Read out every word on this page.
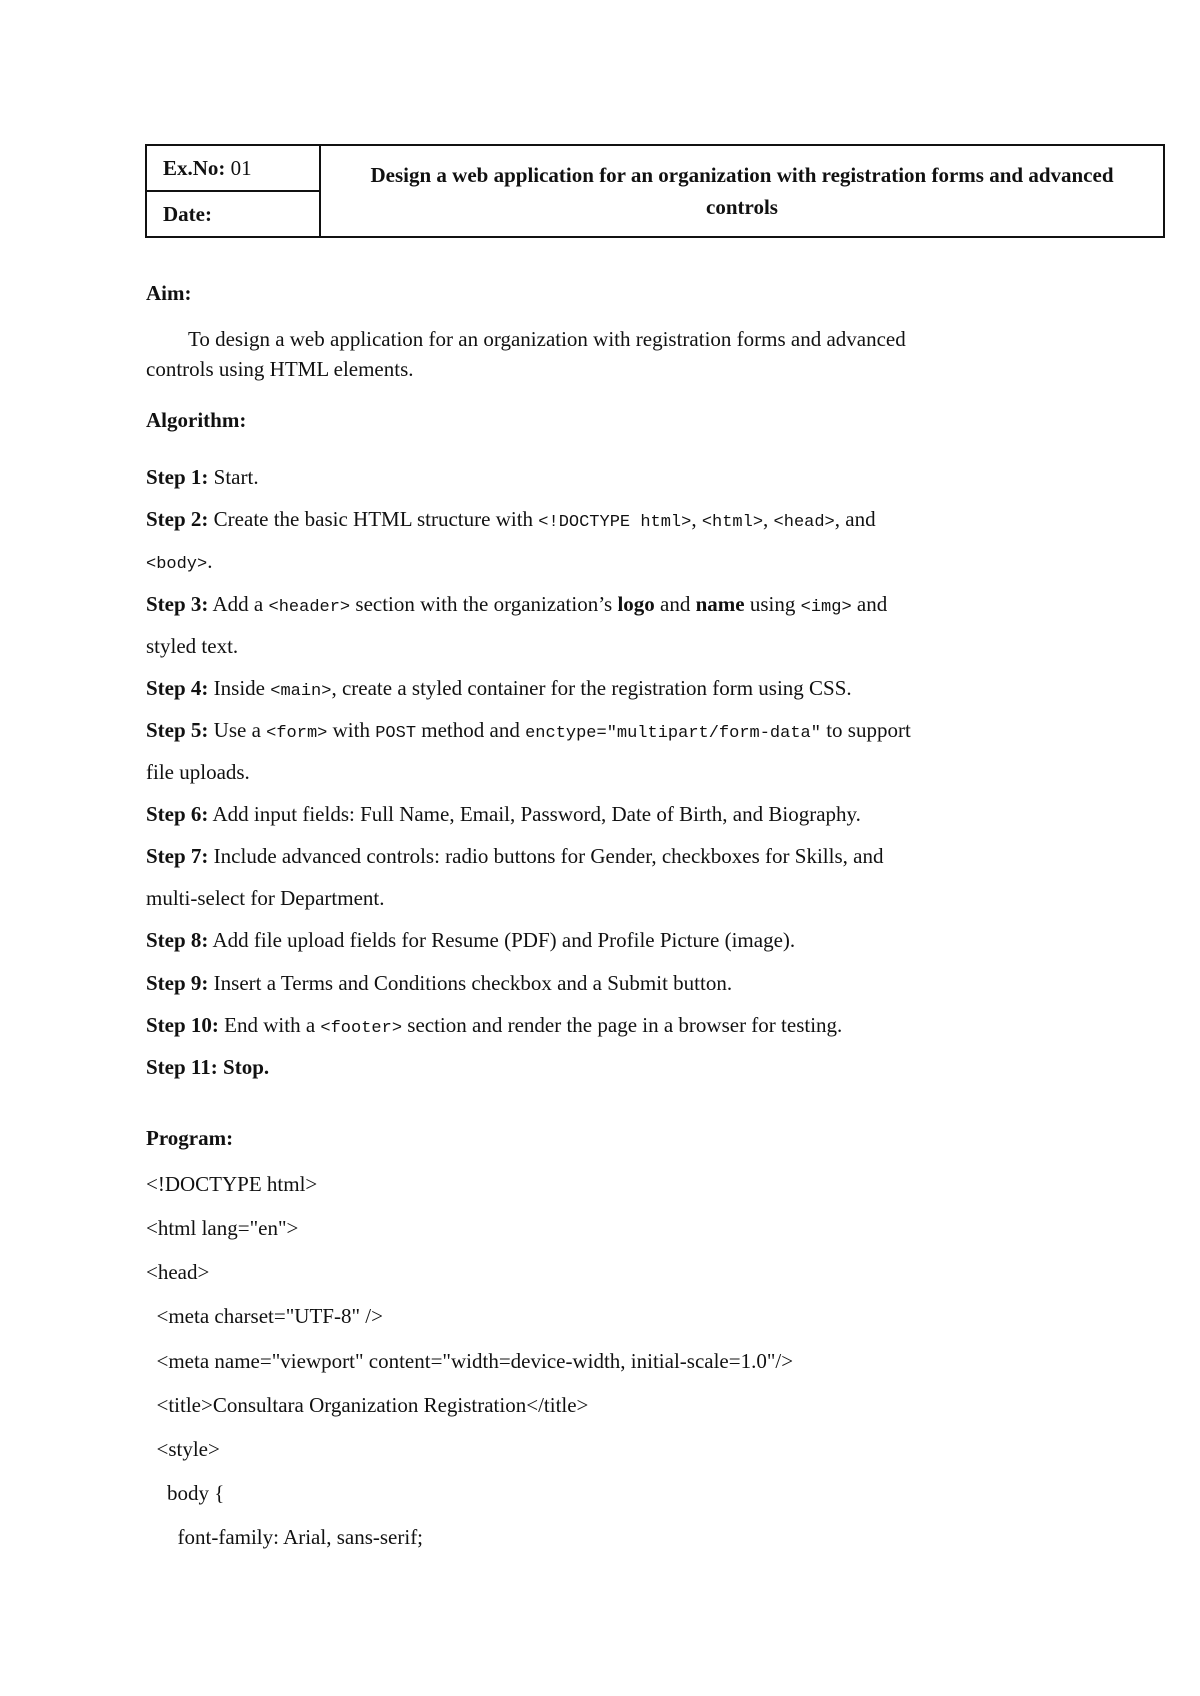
Ex.No: 01	Design a web application for an organization with registration forms and advanced controls
Date:
Aim:
To design a web application for an organization with registration forms and advanced
controls using HTML elements.
Algorithm:
Step 1: Start.
Step 2: Create the basic HTML structure with <!DOCTYPE html>, <html>, <head>, and
<body>.
Step 3: Add a <header> section with the organization’s logo and name using <img> and
styled text.
Step 4: Inside <main>, create a styled container for the registration form using CSS.
Step 5: Use a <form> with POST method and enctype="multipart/form-data" to support
file uploads.
Step 6: Add input fields: Full Name, Email, Password, Date of Birth, and Biography.
Step 7: Include advanced controls: radio buttons for Gender, checkboxes for Skills, and
multi-select for Department.
Step 8: Add file upload fields for Resume (PDF) and Profile Picture (image).
Step 9: Insert a Terms and Conditions checkbox and a Submit button.
Step 10: End with a <footer> section and render the page in a browser for testing.
Step 11: Stop.
Program:
<!DOCTYPE html>
<html lang="en">
<head>
<meta charset="UTF-8" />
<meta name="viewport" content="width=device-width, initial-scale=1.0"/>
<title>Consultara Organization Registration</title>
<style>
body {
font-family: Arial, sans-serif;
